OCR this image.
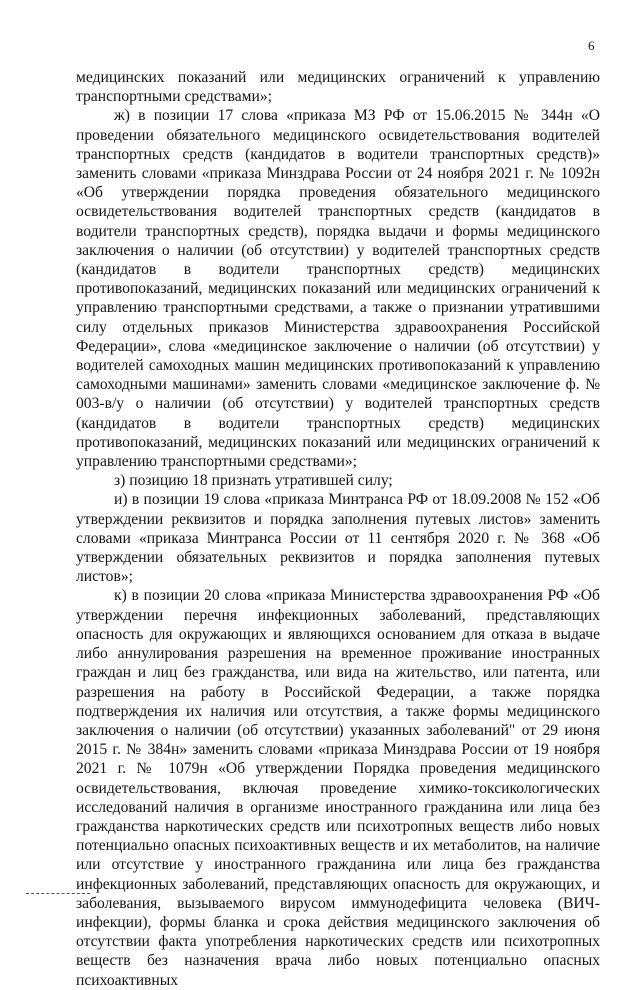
6

медицинских показаний или медицинских ограничений к управлению транспортными средствами»;

ж) в позиции 17 слова «приказа МЗ РФ от 15.06.2015 № 344н «О проведении обязательного медицинского освидетельствования водителей транспортных средств (кандидатов в водители транспортных средств)» заменить словами «приказа Минздрава России от 24 ноября 2021 г. № 1092н «Об утверждении порядка проведения обязательного медицинского освидетельствования водителей транспортных средств (кандидатов в водители транспортных средств), порядка выдачи и формы медицинского заключения о наличии (об отсутствии) у водителей транспортных средств (кандидатов в водители транспортных средств) медицинских противопоказаний, медицинских показаний или медицинских ограничений к управлению транспортными средствами, а также о признании утратившими силу отдельных приказов Министерства здравоохранения Российской Федерации», слова «медицинское заключение о наличии (об отсутствии) у водителей самоходных машин медицинских противопоказаний к управлению самоходными машинами» заменить словами «медицинское заключение ф. № 003-в/у о наличии (об отсутствии) у водителей транспортных средств (кандидатов в водители транспортных средств) медицинских противопоказаний, медицинских показаний или медицинских ограничений к управлению транспортными средствами»;

з) позицию 18 признать утратившей силу;

и) в позиции 19 слова «приказа Минтранса РФ от 18.09.2008 № 152 «Об утверждении реквизитов и порядка заполнения путевых листов» заменить словами «приказа Минтранса России от 11 сентября 2020 г. № 368 «Об утверждении обязательных реквизитов и порядка заполнения путевых листов»;

к) в позиции 20 слова «приказа Министерства здравоохранения РФ «Об утверждении перечня инфекционных заболеваний, представляющих опасность для окружающих и являющихся основанием для отказа в выдаче либо аннулирования разрешения на временное проживание иностранных граждан и лиц без гражданства, или вида на жительство, или патента, или разрешения на работу в Российской Федерации, а также порядка подтверждения их наличия или отсутствия, а также формы медицинского заключения о наличии (об отсутствии) указанных заболеваний" от 29 июня 2015 г. № 384н» заменить словами «приказа Минздрава России от 19 ноября 2021 г. № 1079н «Об утверждении Порядка проведения медицинского освидетельствования, включая проведение химико-токсикологических исследований наличия в организме иностранного гражданина или лица без гражданства наркотических средств или психотропных веществ либо новых потенциально опасных психоактивных веществ и их метаболитов, на наличие или отсутствие у иностранного гражданина или лица без гражданства инфекционных заболеваний, представляющих опасность для окружающих, и заболевания, вызываемого вирусом иммунодефицита человека (ВИЧ-инфекции), формы бланка и срока действия медицинского заключения об отсутствии факта употребления наркотических средств или психотропных веществ без назначения врача либо новых потенциально опасных психоактивных
